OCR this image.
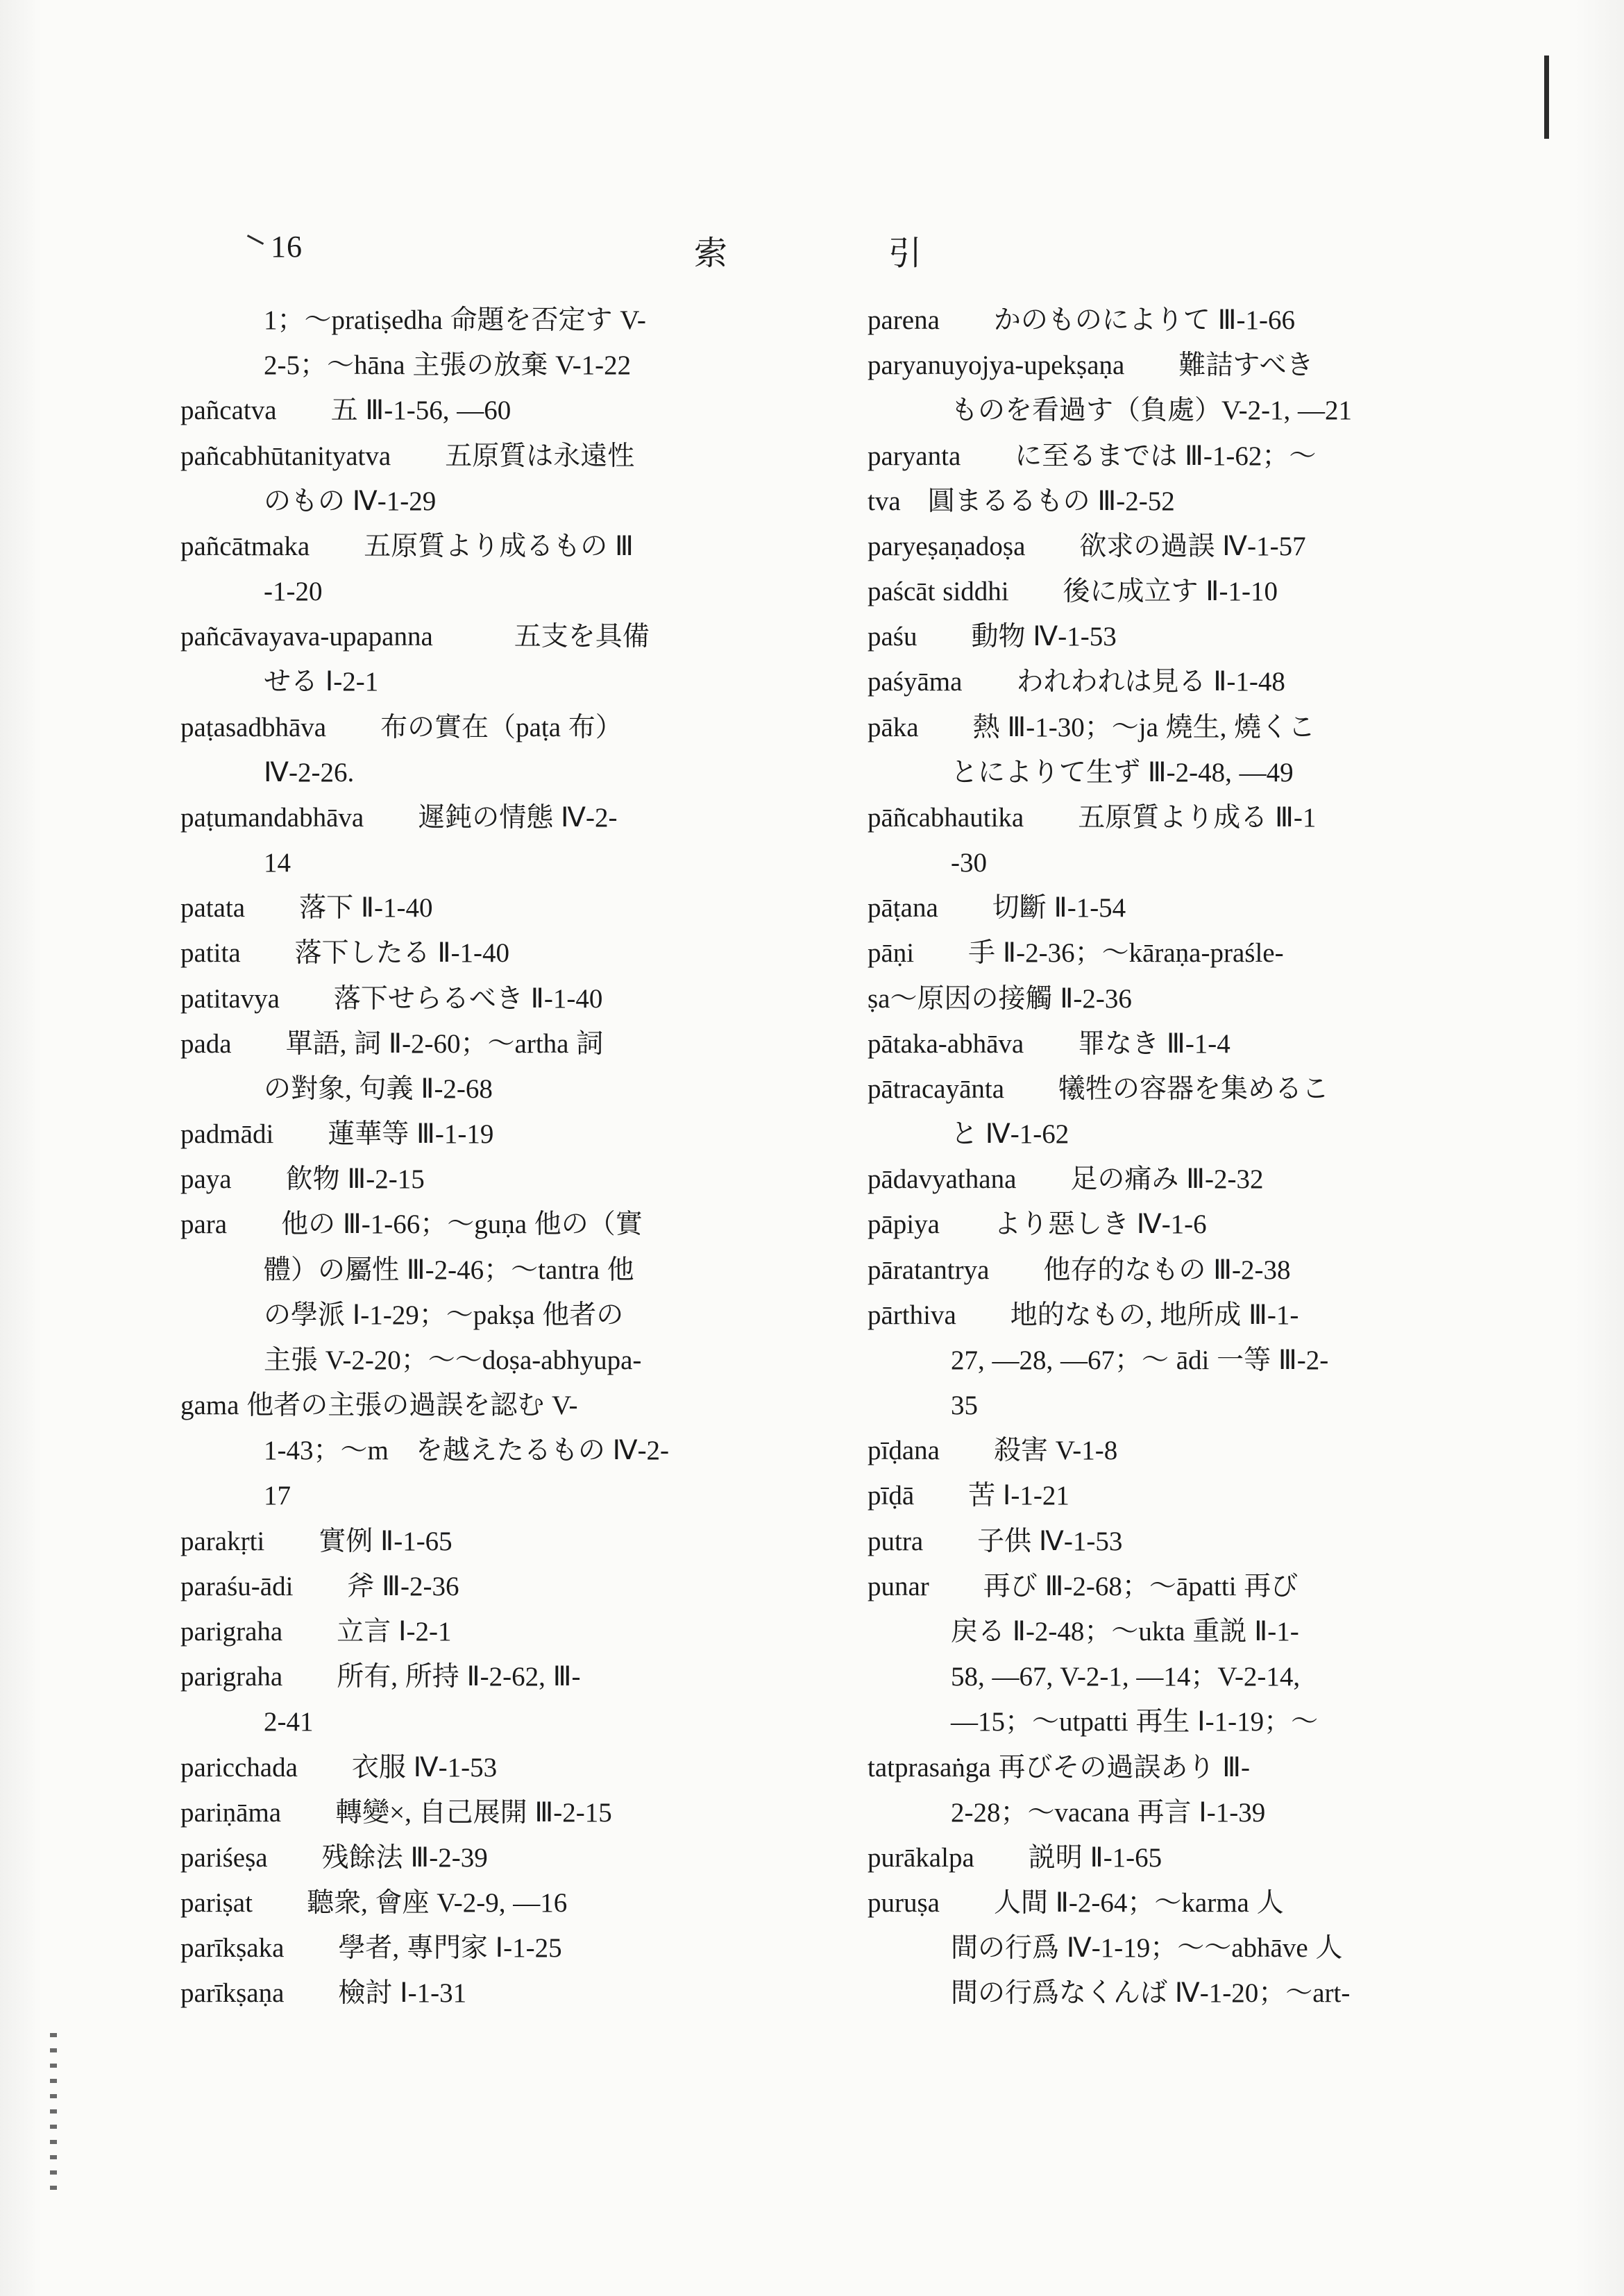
16	索　引
1；～pratiṣedha 命題を否定す V-
2-5；～hāna 主張の放棄 V-1-22
pañcatva　　五 Ⅲ-1-56, —60
pañcabhūtanityatva　　五原質は永遠性
のもの Ⅳ-1-29
pañcātmaka　　五原質より成るもの Ⅲ
-1-20
pañcāvayava-upapanna　　　五支を具備
せる Ⅰ-2-1
paṭasadbhāva　　布の實在（paṭa 布）
Ⅳ-2-26.
paṭumandabhāva　　遲鈍の情態 Ⅳ-2-
14
patata　　落下 Ⅱ-1-40
patita　　落下したる Ⅱ-1-40
patitavya　　落下せらるべき Ⅱ-1-40
pada　　單語, 詞 Ⅱ-2-60；～artha 詞
の對象, 句義 Ⅱ-2-68
padmādi　　蓮華等 Ⅲ-1-19
paya　　飮物 Ⅲ-2-15
para　　他の Ⅲ-1-66；～guṇa 他の（實
體）の屬性 Ⅲ-2-46；～tantra 他
の學派 Ⅰ-1-29；～pakṣa 他者の
主張 V-2-20；～～doṣa-abhyupa-
gama 他者の主張の過誤を認む V-
1-43；～m　を越えたるもの Ⅳ-2-
17
parakṛti　　實例 Ⅱ-1-65
paraśu-ādi　　斧 Ⅲ-2-36
parigraha　　立言 Ⅰ-2-1
parigraha　　所有, 所持 Ⅱ-2-62, Ⅲ-
2-41
paricchada　　衣服 Ⅳ-1-53
pariṇāma　　轉變×, 自己展開 Ⅲ-2-15
pariśeṣa　　残餘法 Ⅲ-2-39
pariṣat　　聽衆, 會座 V-2-9, —16
parīkṣaka　　學者, 專門家 Ⅰ-1-25
parīkṣaṇa　　檢討 Ⅰ-1-31
parena　　かのものによりて Ⅲ-1-66
paryanuyojya-upekṣaṇa　　難詰すべき
ものを看過す（負處）V-2-1, —21
paryanta　　に至るまでは Ⅲ-1-62；～
tva　圓まるるもの Ⅲ-2-52
paryeṣaṇadoṣa　　欲求の過誤 Ⅳ-1-57
paścāt siddhi　　後に成立す Ⅱ-1-10
paśu　　動物 Ⅳ-1-53
paśyāma　　われわれは見る Ⅱ-1-48
pāka　　熱 Ⅲ-1-30；～ja 燒生, 燒くこ
とによりて生ず Ⅲ-2-48, —49
pāñcabhautika　　五原質より成る Ⅲ-1
-30
pāṭana　　切斷 Ⅱ-1-54
pāṇi　　手 Ⅱ-2-36；～kāraṇa-praśle-
ṣa～原因の接觸 Ⅱ-2-36
pātaka-abhāva　　罪なき Ⅲ-1-4
pātracayānta　　犧牲の容器を集めるこ
と Ⅳ-1-62
pādavyathana　　足の痛み Ⅲ-2-32
pāpiya　　より惡しき Ⅳ-1-6
pāratantrya　　他存的なもの Ⅲ-2-38
pārthiva　　地的なもの, 地所成 Ⅲ-1-
27, —28, —67；～ ādi 一等 Ⅲ-2-
35
pīḍana　　殺害 V-1-8
pīḍā　　苦 Ⅰ-1-21
putra　　子供 Ⅳ-1-53
punar　　再び Ⅲ-2-68；～āpatti 再び
戻る Ⅱ-2-48；～ukta 重説 Ⅱ-1-
58, —67, V-2-1, —14；V-2-14,
—15；～utpatti 再生 Ⅰ-1-19；～
tatprasaṅga 再びその過誤あり Ⅲ-
2-28；～vacana 再言 Ⅰ-1-39
purākalpa　　説明 Ⅱ-1-65
puruṣa　　人間 Ⅱ-2-64；～karma 人
間の行爲 Ⅳ-1-19；～～abhāve 人
間の行爲なくんば Ⅳ-1-20；～art-
